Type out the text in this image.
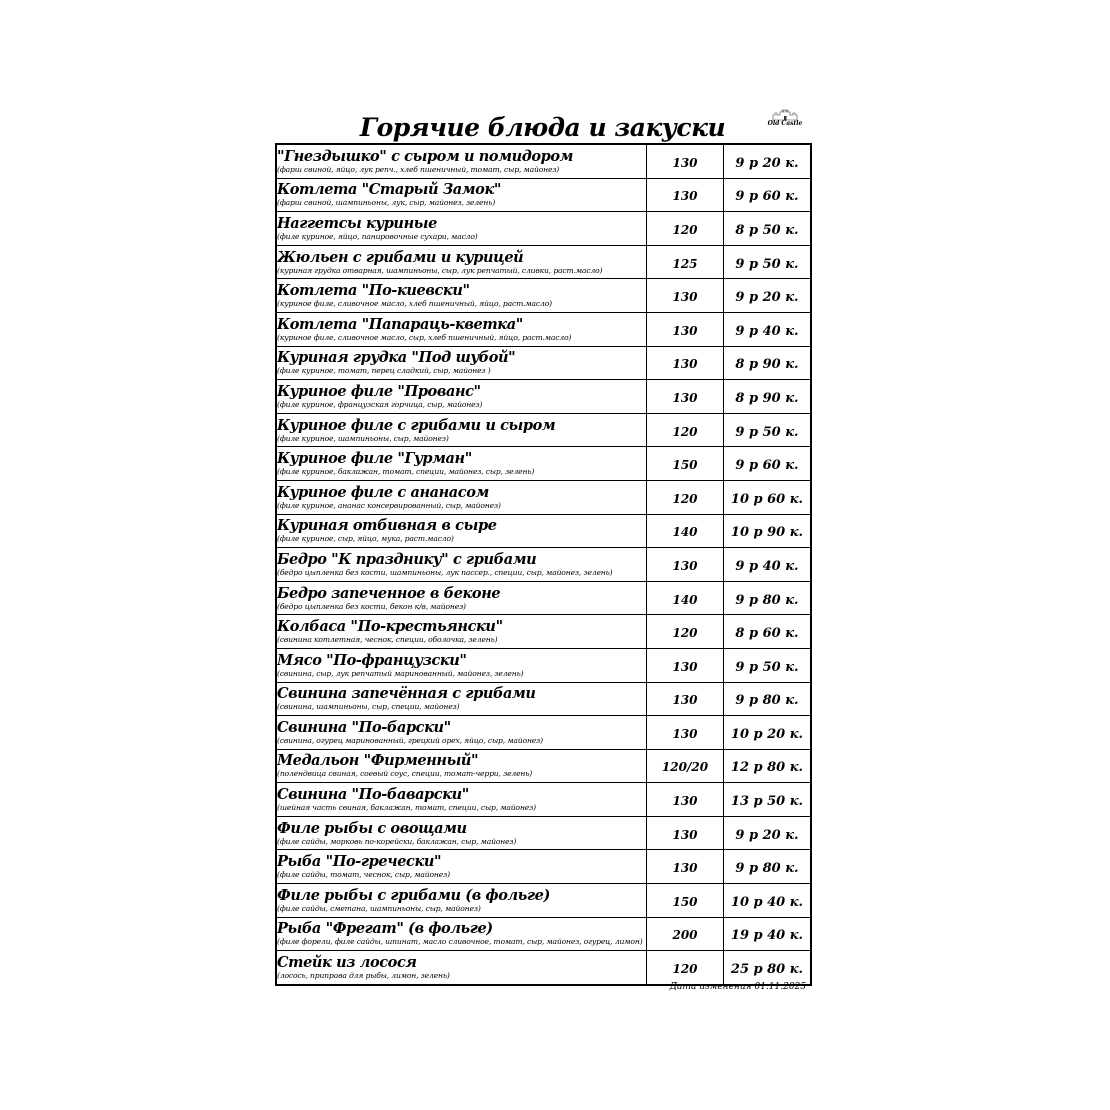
Горячие блюда и закуски	Old Castle
"Гнездышко" с сыром и помидором
(фарш свиной, яйцо, лук репч., хлеб пшеничный, томат, сыр, майонез)	130	9 р 20 к.

Котлета "Старый Замок"
(фарш свиной, шампиньоны, лук, сыр, майонез, зелень)	130	9 р 60 к.

Наггетсы куриные
(филе куриное, яйцо, панировочные сухари, масло)	120	8 р 50 к.

Жюльен с грибами и курицей
(куриная грудка отварная, шампиньоны, сыр, лук репчатый, сливки, раст.масло)	125	9 р 50 к.

Котлета "По-киевски"
(куриное филе, сливочное масло, хлеб пшеничный, яйцо, раст.масло)	130	9 р 20 к.

Котлета "Папараць-кветка"
(куриное филе, сливочное масло, сыр, хлеб пшеничный, яйцо, раст.масло)	130	9 р 40 к.

Куриная грудка "Под шубой"
(филе куриное, томат, перец сладкий, сыр, майонез )	130	8 р 90 к.

Куриное филе "Прованс"
(филе куриное, французская горчица, сыр, майонез)	130	8 р 90 к.

Куриное филе с грибами и сыром
(филе куриное, шампиньоны, сыр, майонез)	120	9 р 50 к.

Куриное филе "Гурман"
(филе куриное, баклажан, томат, специи, майонез, сыр, зелень)	150	9 р 60 к.

Куриное филе с ананасом
(филе куриное, ананас консервированный, сыр, майонез)	120	10 р 60 к.

Куриная отбивная в сыре
(филе куриное, сыр, яйцо, мука, раст.масло)	140	10 р 90 к.

Бедро "К празднику" с грибами
(бедро цыпленка без кости, шампиньоны, лук пассер., специи, сыр, майонез, зелень)	130	9 р 40 к.

Бедро запеченное в беконе
(бедро цыпленка без кости, бекон к/в, майонез)	140	9 р 80 к.

Колбаса "По-крестьянски"
(свинина котлетная, чеснок, специи, оболочка, зелень)	120	8 р 60 к.

Мясо "По-французски"
(свинина, сыр, лук репчатый маринованный, майонез, зелень)	130	9 р 50 к.

Свинина запечённая с грибами
(свинина, шампиньоны, сыр, специи, майонез)	130	9 р 80 к.

Свинина "По-барски"
(свинина, огурец маринованный, грецкий орех, яйцо, сыр, майонез)	130	10 р 20 к.

Медальон "Фирменный"
(полендвица свиная, соевый соус, специи, томат-черри, зелень)	120/20	12 р 80 к.

Свинина "По-баварски"
(шейная часть свиная, баклажан, томат, специи, сыр, майонез)	130	13 р 50 к.

Филе рыбы с овощами
(филе сайды, морковь по-корейски, баклажан, сыр, майонез)	130	9 р 20 к.

Рыба "По-гречески"
(филе сайды, томат, чеснок, сыр, майонез)	130	9 р 80 к.

Филе рыбы с грибами (в фольге)
(филе сайды, сметана, шампиньоны, сыр, майонез)	150	10 р 40 к.

Рыба "Фрегат" (в фольге)
(филе форели, филе сайды, шпинат, масло сливочное, томат, сыр, майонез, огурец, лимон)	200	19 р 40 к.

Стейк из лосося
(лосось, приправа для рыбы, лимон, зелень)	120	25 р 80 к.
Дата изменения 01.11.2025
